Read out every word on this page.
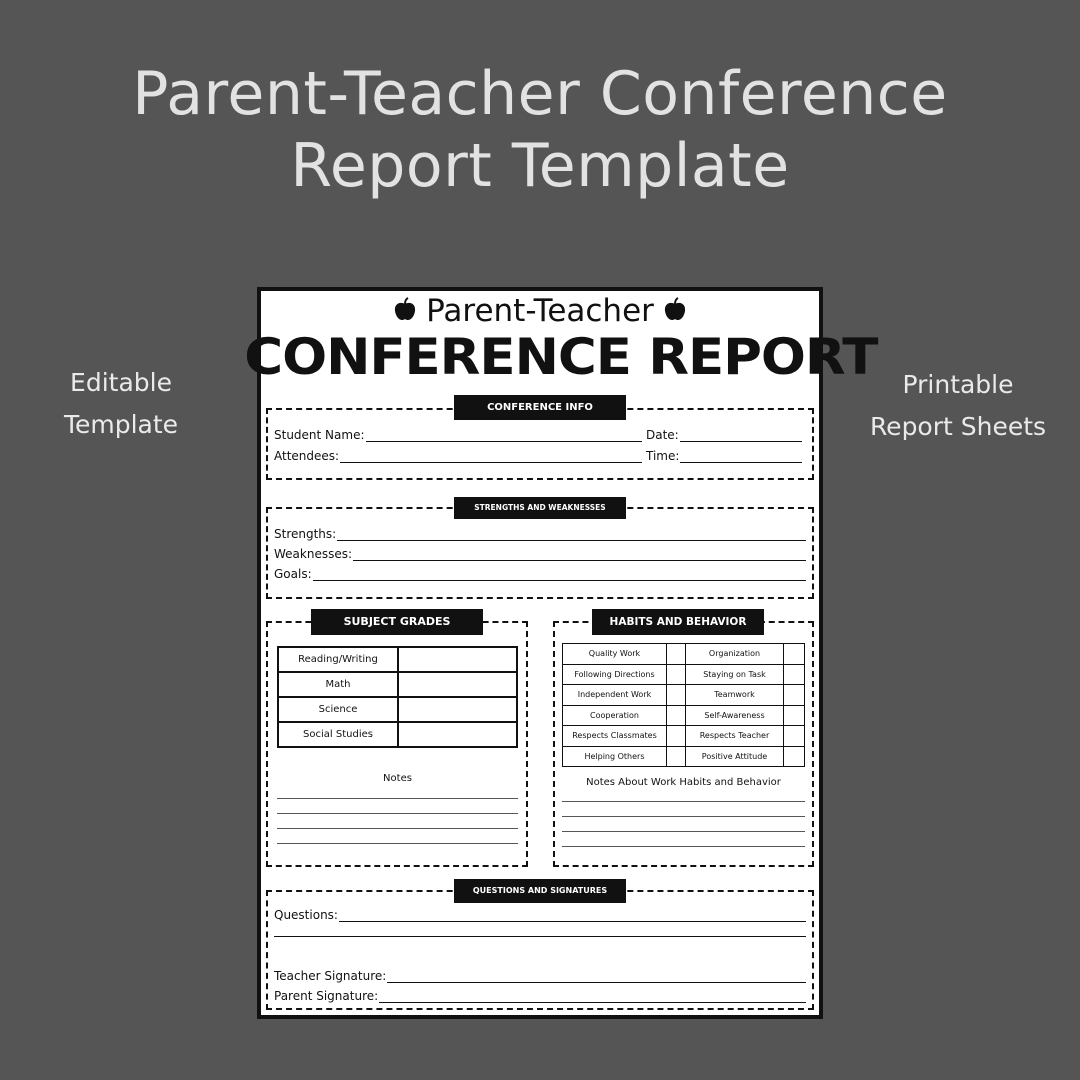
Parent-Teacher Conference
Report Template
Editable
Template
Printable
Report Sheets
Parent-Teacher
CONFERENCE REPORT
CONFERENCE INFO
Student Name:	Date:
Attendees:	Time:
STRENGTHS AND WEAKNESSES
Strengths:
Weaknesses:
Goals:
SUBJECT GRADES
Reading/Writing	
Math	
Science	
Social Studies	
Notes
HABITS AND BEHAVIOR
Quality Work		Organization	
Following Directions		Staying on Task	
Independent Work		Teamwork	
Cooperation		Self-Awareness	
Respects Classmates		Respects Teacher	
Helping Others		Positive Attitude	
Notes About Work Habits and Behavior
QUESTIONS AND SIGNATURES
Questions:
Teacher Signature:
Parent Signature:
